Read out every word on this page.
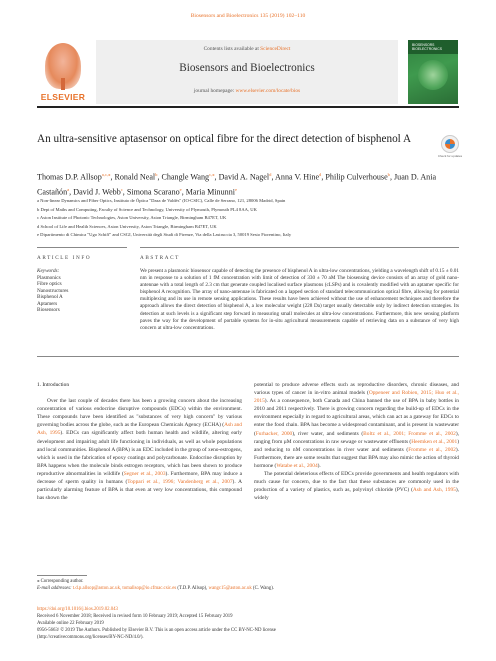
Biosensors and Bioelectronics 135 (2019) 102–110
ELSEVIER
Contents lists available at ScienceDirect
Biosensors and Bioelectronics
journal homepage: www.elsevier.com/locate/bios
BIOSENSORS BIOELECTRONICS
An ultra-sensitive aptasensor on optical fibre for the direct detection of bisphenol A
Check for updates
Thomas D.P. Allsop$^{a,c,⁎}$, Ronald Neal$^b$, Changle Wang$^{c,⁎}$, David A. Nagel$^d$, Anna V. Hine$^d$, Philip Culverhouse$^b$, Juan D. Ania Castañón$^a$, David J. Webb$^c$, Simona Scarano$^e$, Maria Minunni$^e$
a Non-linear Dynamics and Fiber Optics, Instituto de Óptica "Daza de Valdés" (IO-CSIC), Calle de Serrano, 121, 28006 Madrid, Spain
b Dept of Maths and Computing, Faculty of Science and Technology, University of Plymouth, Plymouth PL4 8AA, UK
c Aston Institute of Photonic Technologies, Aston University, Aston Triangle, Birmingham B47ET, UK
d School of Life and Health Sciences, Aston University, Aston Triangle, Birmingham B47ET, UK
e Dipartimento di Chimica "Ugo Schiff" and CSGI, Università degli Studi di Firenze, Via della Lastruccia 3, 50019 Sesto Fiorentino, Italy
ARTICLE INFO	ABSTRACT
Keywords:
Plasmonics
Fibre optics
Nanostructures
Bisphenol A
Aptamers
Biosensors
We present a plasmonic biosensor capable of detecting the presence of bisphenol A in ultra-low concentrations, yielding a wavelength shift of 0.15 ± 0.01 nm in response to a solution of 1 fM concentration with limit of detection of 330 ± 70 aM The biosensing device consists of an array of gold nano-antennae with a total length of 2.3 cm that generate coupled localised surface plasmons (cLSPs) and is covalently modified with an aptamer specific for bisphenol A recognition. The array of nano-antennae is fabricated on a lapped section of standard telecommunication optical fibre, allowing for potential multiplexing and its use in remote sensing applications. These results have been achieved without the use of enhancement techniques and therefore the approach allows the direct detection of bisphenol A, a low molecular weight (228 Da) target usually detectable only by indirect detection strategies. Its detection at such levels is a significant step forward in measuring small molecules at ultra-low concentrations. Furthermore, this new sensing platform paves the way for the development of portable systems for in-situ agricultural measurements capable of retrieving data on a substance of very high concern at ultra-low concentrations.
1. Introduction

Over the last couple of decades there has been a growing concern about the increasing concentration of various endocrine disruptive compounds (EDCs) within the environment. These compounds have been identified as "substances of very high concern" by various governing bodies across the globe, such as the European Chemicals Agency (ECHA) (Ash and Ash, 1995). EDCs can significantly affect both human health and wildlife, altering early development and impairing adult life functioning in individuals, as well as whole populations and local communities. Bisphenol A (BPA) is an EDC included in the group of xeno-estrogens, which is used in the fabrication of epoxy coatings and polycarbonate. Endocrine disruption by BPA happens when the molecule binds estrogen receptors, which has been shown to produce reproductive abnormalities in wildlife (Segner et al., 2003). Furthermore, BPA may induce a decrease of sperm quality in humans (Toppari et al., 1996; Vandenberg et al., 2007). A particularly alarming feature of BPA is that even at very low concentrations, this compound has shown the

potential to produce adverse effects such as reproductive disorders, chronic diseases, and various types of cancer in in-vitro animal models (Oppeneer and Robien, 2015; Huo et al., 2015). As a consequence, both Canada and China banned the use of BPA in baby bottles in 2010 and 2011 respectively. There is growing concern regarding the build-up of EDCs in the environment especially in regard to agricultural areas, which can act as a gateway for EDCs to enter the food chain. BPA has become a widespread contaminant, and is present in wastewater (Furhacker, 2000), river water, and sediments (Boltz et al., 2001; Fromme et al., 2002), ranging from µM concentrations in raw sewage or wastewater effluents (Heemken et al., 2001) and reducing to nM concentrations in river water and sediments (Fromme et al., 2002). Furthermore, there are some results that suggest that BPA may also mimic the action of thyroid hormone (Watabe et al., 2004).

The potential deleterious effects of EDCs provide governments and health regulators with much cause for concern, due to the fact that these substances are commonly used in the production of a variety of plastics, such as, polyvinyl chloride (PVC) (Ash and Ash, 1995), widely

⁎ Corresponding author.
E-mail addresses: t.d.p.allsop@aston.ac.uk, tomallsop@io.cfmac.csic.es (T.D.P. Allsop), wangc15@aston.ac.uk (C. Wang).
https://doi.org/10.1016/j.bios.2019.02.043
Received 6 November 2018; Received in revised form 10 February 2019; Accepted 15 February 2019
Available online 22 February 2019
0956-5663/ © 2019 The Authors. Published by Elsevier B.V. This is an open access article under the CC BY-NC-ND license
(http://creativecommons.org/licenses/BY-NC-ND/4.0/).
